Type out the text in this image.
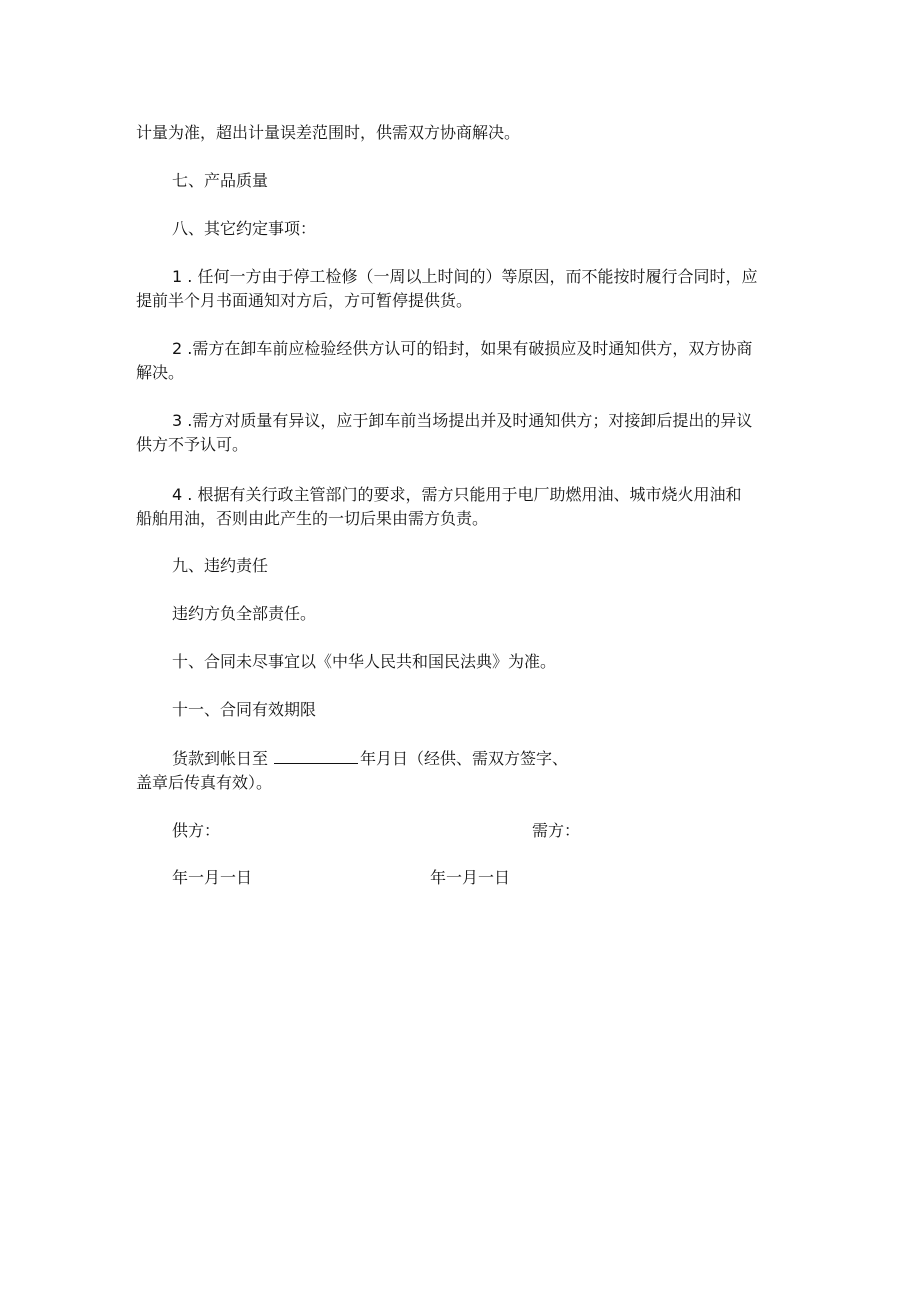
计量为准，超出计量误差范围时，供需双方协商解决。
七、产品质量
八、其它约定事项：
1 . 任何一方由于停工检修（一周以上时间的）等原因，而不能按时履行合同时，应
提前半个月书面通知对方后，方可暂停提供货。
2 .需方在卸车前应检验经供方认可的铅封，如果有破损应及时通知供方，双方协商
解决。
3 .需方对质量有异议，应于卸车前当场提出并及时通知供方；对接卸后提出的异议
供方不予认可。
4 . 根据有关行政主管部门的要求，需方只能用于电厂助燃用油、城市烧火用油和
船舶用油，否则由此产生的一切后果由需方负责。
九、违约责任
违约方负全部责任。
十、合同未尽事宜以《中华人民共和国民法典》为准。
十一、合同有效期限
货款到帐日至	年月日（经供、需双方签字、
盖章后传真有效）。
供方：	需方：
年一月一日	年一月一日
